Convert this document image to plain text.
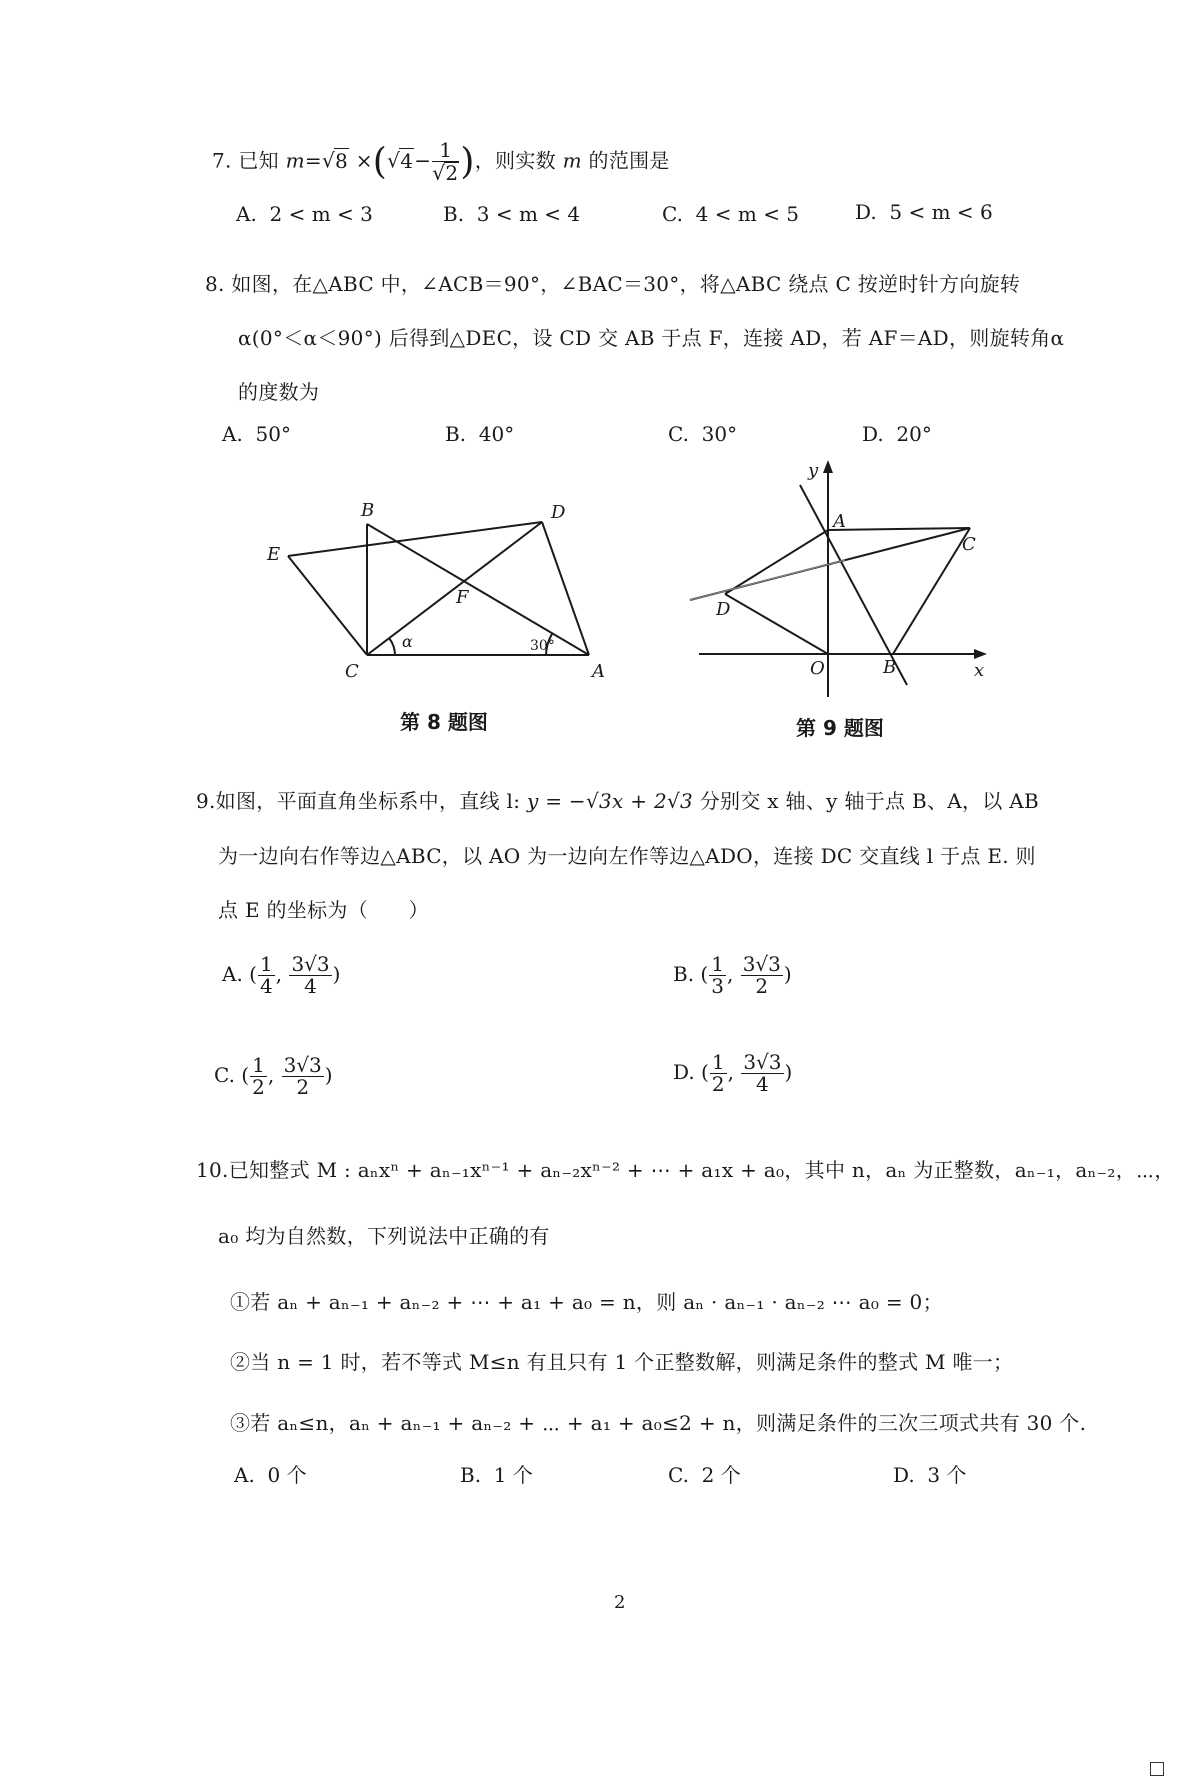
7. 已知 $m=√8 \times(√4- \frac{1}{√2}$ )，则实数 m 的范围是
A. 2 < m < 3	B. 3 < m < 4	C. 4 < m < 5	D. 5 < m < 6
8. 如图，在△ABC 中，∠ACB＝90°，∠BAC＝30°，将△ABC 绕点 C 按逆时针方向旋转
α(0°＜α＜90°) 后得到△DEC，设 CD 交 AB 于点 F，连接 AD，若 AF＝AD，则旋转角α
的度数为
A. 50°	B. 40°	C. 30°	D. 20°
B	D
E
F
C	A
α	30°
第 8 题图
y
x
A
B
C
D
O
第 9 题图
9.如图，平面直角坐标系中，直线 l: y = −√3x + 2√3 分别交 x 轴、y 轴于点 B、A，以 AB
为一边向右作等边△ABC，以 AO 为一边向左作等边△ADO，连接 DC 交直线 l 于点 E. 则
点 E 的坐标为（　　）
A. ( $\frac{1}{4}$ , $\frac{3√3}{4}$ )	B. ( $\frac{1}{3}$ , $\frac{3√3}{2}$ )
C. ( $\frac{1}{2}$ , $\frac{3√3}{2}$ )	D. ( $\frac{1}{2}$ , $\frac{3√3}{4}$ )
10.已知整式 M : aₙxⁿ + aₙ₋₁xⁿ⁻¹ + aₙ₋₂xⁿ⁻² + ⋯ + a₁x + a₀，其中 n，aₙ 为正整数，aₙ₋₁，aₙ₋₂，⋯，
a₀ 均为自然数，下列说法中正确的有
①若 aₙ + aₙ₋₁ + aₙ₋₂ + ⋯ + a₁ + a₀ = n，则 aₙ · aₙ₋₁ · aₙ₋₂ ⋯ a₀ = 0；
②当 n = 1 时，若不等式 M≤n 有且只有 1 个正整数解，则满足条件的整式 M 唯一；
③若 aₙ≤n，aₙ + aₙ₋₁ + aₙ₋₂ + ⋯ + a₁ + a₀≤2 + n，则满足条件的三次三项式共有 30 个.
A. 0 个	B. 1 个	C. 2 个	D. 3 个
2
